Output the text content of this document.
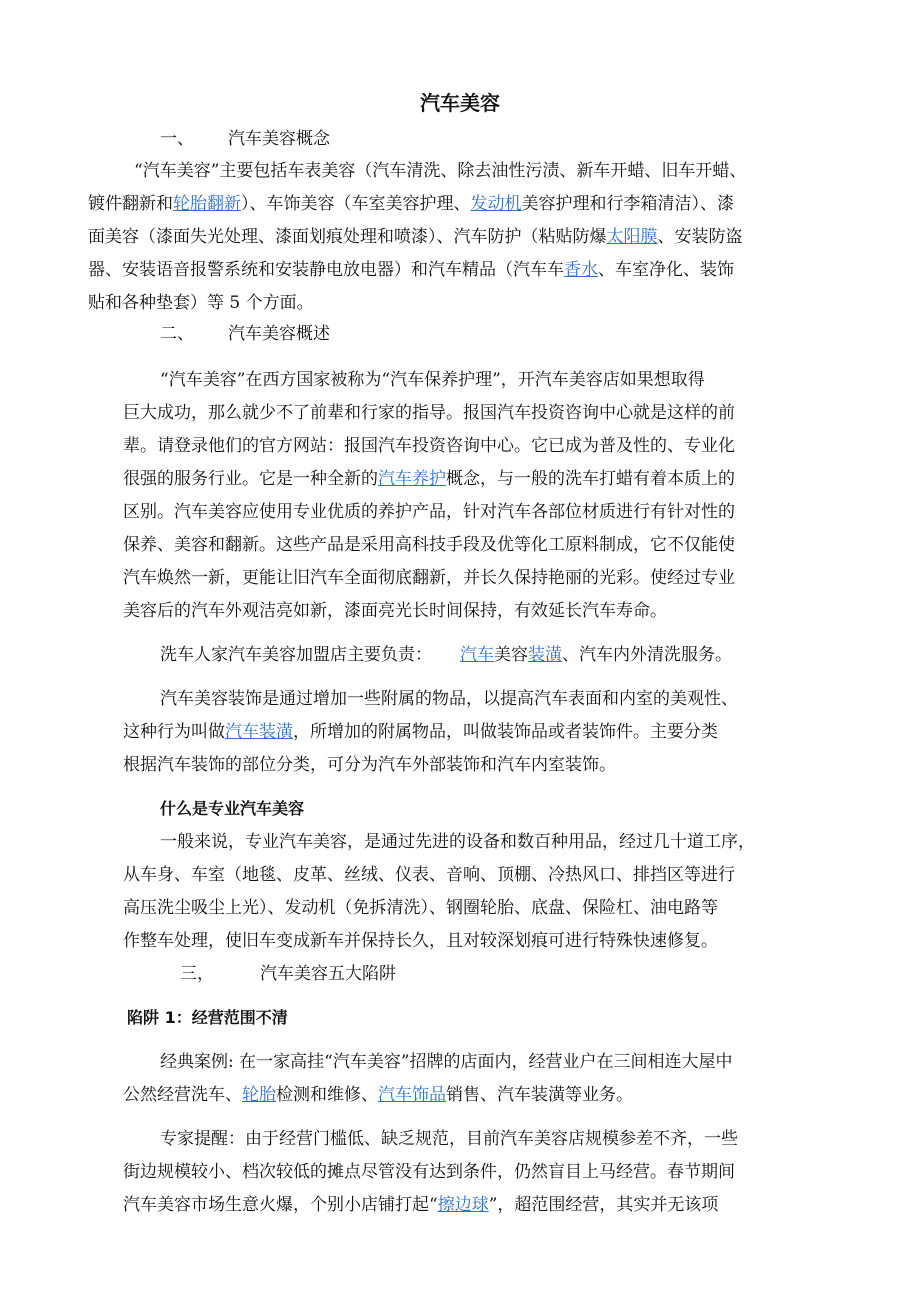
汽车美容
一、 汽车美容概念
“汽车美容”主要包括车表美容（汽车清洗、除去油性污渍、新车开蜡、旧车开蜡、
镀件翻新和轮胎翻新）、车饰美容（车室美容护理、发动机美容护理和行李箱清洁）、漆
面美容（漆面失光处理、漆面划痕处理和喷漆）、汽车防护（粘贴防爆太阳膜、安装防盗
器、安装语音报警系统和安装静电放电器）和汽车精品（汽车车香水、车室净化、装饰
贴和各种垫套）等 5 个方面。
二、 汽车美容概述
“汽车美容”在西方国家被称为“汽车保养护理”，开汽车美容店如果想取得
巨大成功，那么就少不了前辈和行家的指导。报国汽车投资咨询中心就是这样的前
辈。请登录他们的官方网站：报国汽车投资咨询中心。它已成为普及性的、专业化
很强的服务行业。它是一种全新的汽车养护概念，与一般的洗车打蜡有着本质上的
区别。汽车美容应使用专业优质的养护产品，针对汽车各部位材质进行有针对性的
保养、美容和翻新。这些产品是采用高科技手段及优等化工原料制成，它不仅能使
汽车焕然一新，更能让旧汽车全面彻底翻新，并长久保持艳丽的光彩。使经过专业
美容后的汽车外观洁亮如新，漆面亮光长时间保持，有效延长汽车寿命。
洗车人家汽车美容加盟店主要负责： 汽车美容装潢、汽车内外清洗服务。
汽车美容装饰是通过增加一些附属的物品，以提高汽车表面和内室的美观性、
这种行为叫做汽车装潢，所增加的附属物品，叫做装饰品或者装饰件。主要分类
根据汽车装饰的部位分类，可分为汽车外部装饰和汽车内室装饰。
什么是专业汽车美容
一般来说，专业汽车美容，是通过先进的设备和数百种用品，经过几十道工序，
从车身、车室（地毯、皮革、丝绒、仪表、音响、顶棚、冷热风口、排挡区等进行
高压洗尘吸尘上光）、发动机（免拆清洗）、钢圈轮胎、底盘、保险杠、油电路等
作整车处理，使旧车变成新车并保持长久，且对较深划痕可进行特殊快速修复。
三，	汽车美容五大陷阱
陷阱 1：经营范围不清
经典案例: 在一家高挂“汽车美容”招牌的店面内，经营业户在三间相连大屋中
公然经营洗车、轮胎检测和维修、汽车饰品销售、汽车装潢等业务。
专家提醒：由于经营门槛低、缺乏规范，目前汽车美容店规模参差不齐，一些
街边规模较小、档次较低的摊点尽管没有达到条件，仍然盲目上马经营。春节期间
汽车美容市场生意火爆，个别小店铺打起“擦边球”，超范围经营，其实并无该项
